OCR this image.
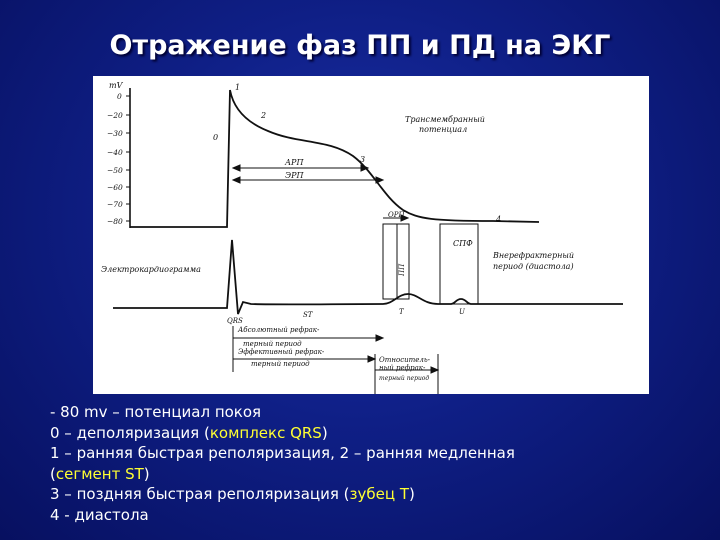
Отражение фаз ПП и ПД на ЭКГ
mV
0
−20
−30
−40
−50
−60
−70
−80
0
1
2
3
4
Трансмембранный
потенциал
АРП
ЭРП
ОРП
СПФ
ПП
Электрокардиограмма
Внерефрактерный
период (диастола)
QRS
ST	T	U
Абсолютный рефрак-
терный период
Эффективный рефрак-
терный период	Относитель-
ный рефрак-
терный период
- 80 mv – потенциал покоя
0 – деполяризация (комплекс QRS)
1 – ранняя быстрая реполяризация, 2 – ранняя медленная
(сегмент ST)
3 – поздняя быстрая реполяризация (зубец Т)
4 - диастола
